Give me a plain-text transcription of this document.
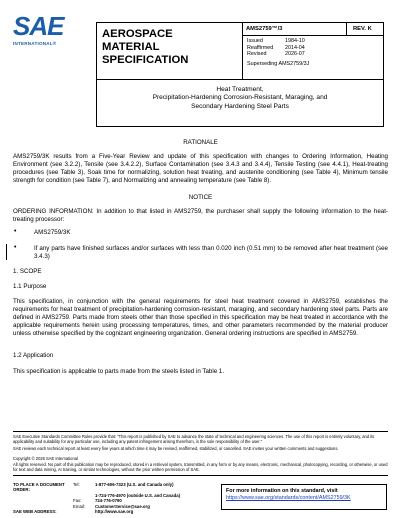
SAE
INTERNATIONAL®
AEROSPACE
MATERIAL SPECIFICATION
AMS2759™/3	REV. K
Issued	1984-10
Reaffirmed	2014-04
Revised	2026-07
Superseding AMS2759/3J
Heat Treatment,
Precipitation-Hardening Corrosion-Resistant, Maraging, and
Secondary Hardening Steel Parts
RATIONALE
AMS2759/3K results from a Five-Year Review and update of this specification with changes to Ordering Information, Heating Environment (see 3.2.2), Tensile (see 3.4.2.2), Surface Contamination (see 3.4.3 and 3.4.4), Tensile Testing (see 4.4.1), Heat-treating procedures (see Table 3), Soak time for normalizing, solution heat treating, and austenite conditioning (see Table 4), Minimum tensile strength for condition (see Table 7), and Normalizing and annealing temperature (see Table 8).
NOTICE
ORDERING INFORMATION: In addition to that listed in AMS2759, the purchaser shall supply the following information to the heat-treating processor:
•	AMS2759/3K
•	If any parts have finished surfaces and/or surfaces with less than 0.020 inch (0.51 mm) to be removed after heat treatment (see 3.4.3)
1. SCOPE
1.1 Purpose
This specification, in conjunction with the general requirements for steel heat treatment covered in AMS2759, establishes the requirements for heat treatment of precipitation-hardening corrosion-resistant, maraging, and secondary hardening steel parts. Parts are defined in AMS2759. Parts made from steels other than those specified in this specification may be heat treated in accordance with the applicable requirements herein using processing temperatures, times, and other parameters recommended by the material producer unless otherwise specified by the cognizant engineering organization. General ordering instructions are specified in AMS2759.
1.2 Application
This specification is applicable to parts made from the steels listed in Table 1.
SAE Executive Standards Committee Rules provide that: "This report is published by SAE to advance the state of technical and engineering sciences. The use of this report is entirely voluntary, and its applicability and suitability for any particular use, including any patent infringement arising therefrom, is the sole responsibility of the user."
SAE reviews each technical report at least every five years at which time it may be revised, reaffirmed, stabilized, or cancelled. SAE invites your written comments and suggestions.
Copyright © 2026 SAE International
All rights reserved. No part of this publication may be reproduced, stored in a retrieval system, transmitted, in any form or by any means, electronic, mechanical, photocopying, recording, or otherwise, or used for text and data mining, AI training, or similar technologies, without the prior written permission of SAE.
TO PLACE A DOCUMENT ORDER:
Tel:	1-877-606-7323 (U.S. and Canada only)
1-724-776-4970 (outside U.S. and Canada)
Fax:	724-776-0790
Email:	CustomerService@sae.org
SAE WEB ADDRESS:	http://www.sae.org
For more information on this standard, visit
https://www.sae.org/standards/content/AMS2759/3K
